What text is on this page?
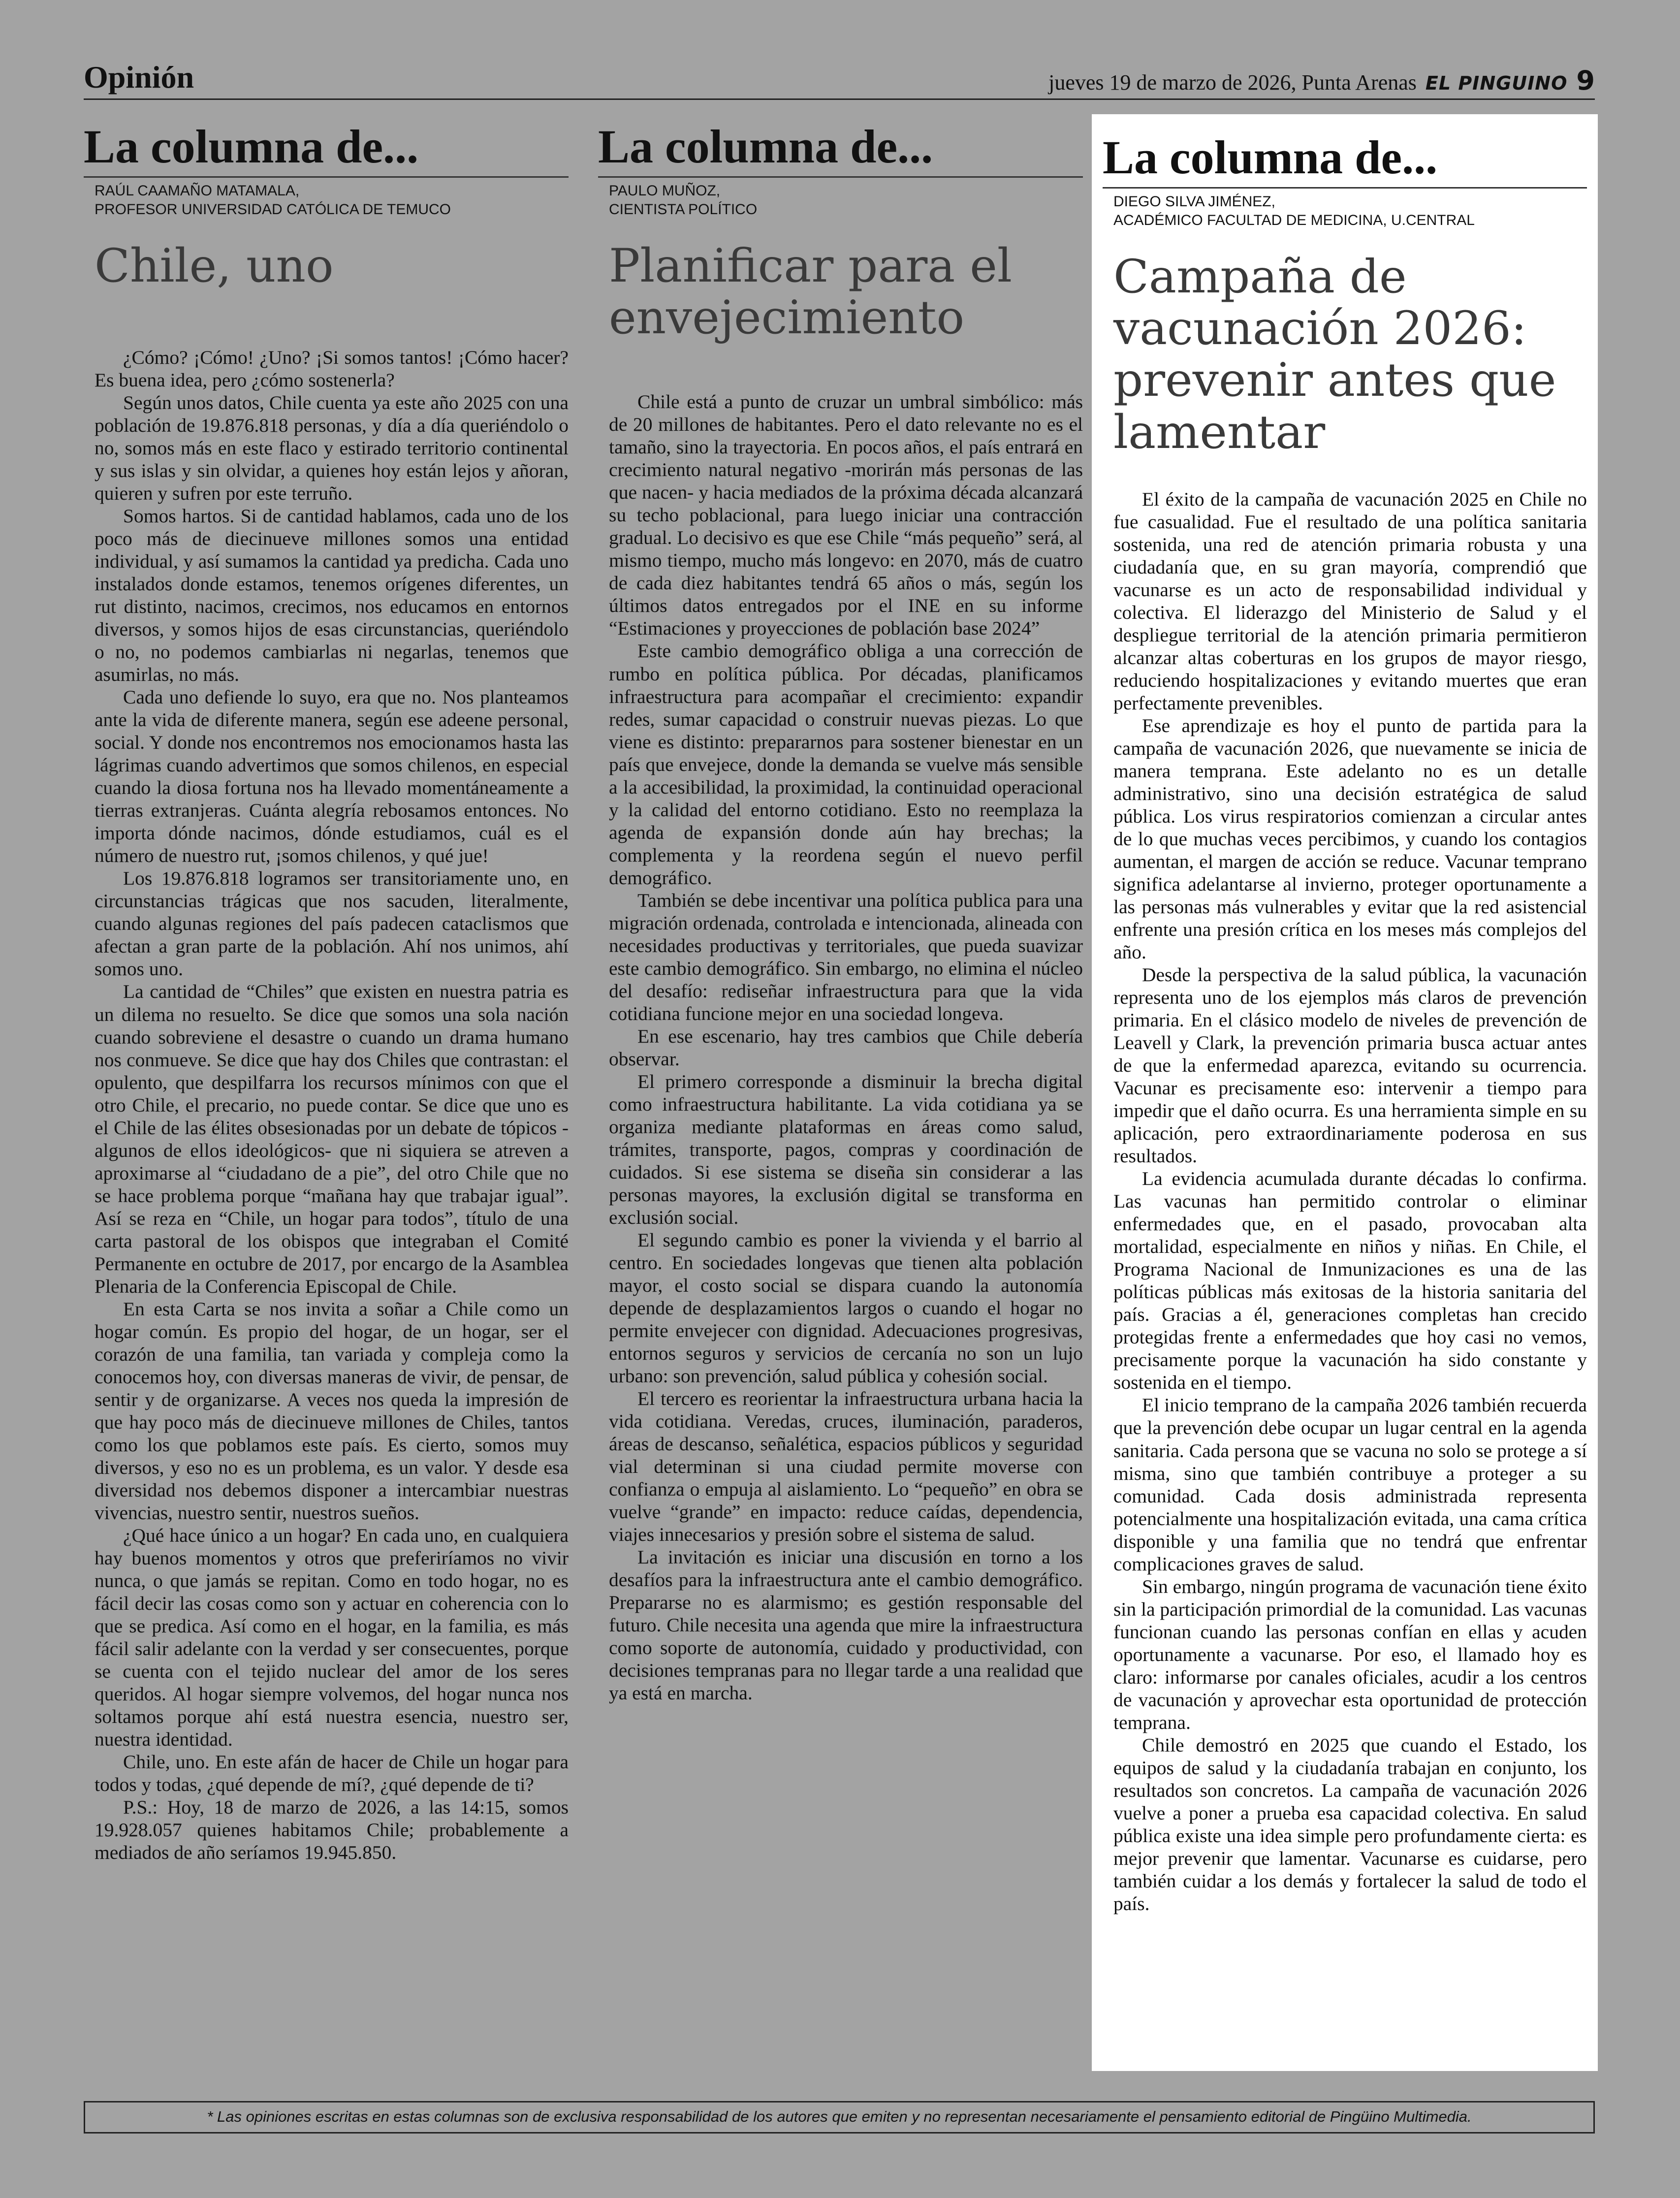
Opinión	jueves 19 de marzo de 2026, Punta Arenas EL PINGUINO 9
La columna de...
RAÚL CAAMAÑO MATAMALA,
PROFESOR UNIVERSIDAD CATÓLICA DE TEMUCO
Chile, uno

¿Cómo? ¡Cómo! ¿Uno? ¡Si somos tantos! ¡Cómo hacer? Es buena idea, pero ¿cómo sostenerla?

Según unos datos, Chile cuenta ya este año 2025 con una población de 19.876.818 personas, y día a día queriéndolo o no, somos más en este flaco y estirado territorio continental y sus islas y sin olvidar, a quienes hoy están lejos y añoran, quieren y sufren por este terruño.

Somos hartos. Si de cantidad hablamos, cada uno de los poco más de diecinueve millones somos una entidad individual, y así sumamos la cantidad ya predicha. Cada uno instalados donde estamos, tenemos orígenes diferentes, un rut distinto, nacimos, crecimos, nos educamos en entornos diversos, y somos hijos de esas circunstancias, queriéndolo o no, no podemos cambiarlas ni negarlas, tenemos que asumirlas, no más.

Cada uno defiende lo suyo, era que no. Nos planteamos ante la vida de diferente manera, según ese adeene personal, social. Y donde nos encontremos nos emocionamos hasta las lágrimas cuando advertimos que somos chilenos, en especial cuando la diosa fortuna nos ha llevado momentáneamente a tierras extranjeras. Cuánta alegría rebosamos entonces. No importa dónde nacimos, dónde estudiamos, cuál es el número de nuestro rut, ¡somos chilenos, y qué jue!

Los 19.876.818 logramos ser transitoriamente uno, en circunstancias trágicas que nos sacuden, literalmente, cuando algunas regiones del país padecen cataclismos que afectan a gran parte de la población. Ahí nos unimos, ahí somos uno.

La cantidad de “Chiles” que existen en nuestra patria es un dilema no resuelto. Se dice que somos una sola nación cuando sobreviene el desastre o cuando un drama humano nos conmueve. Se dice que hay dos Chiles que contrastan: el opulento, que despilfarra los recursos mínimos con que el otro Chile, el precario, no puede contar. Se dice que uno es el Chile de las élites obsesionadas por un debate de tópicos -algunos de ellos ideológicos- que ni siquiera se atreven a aproximarse al “ciudadano de a pie”, del otro Chile que no se hace problema porque “mañana hay que trabajar igual”. Así se reza en “Chile, un hogar para todos”, título de una carta pastoral de los obispos que integraban el Comité Permanente en octubre de 2017, por encargo de la Asamblea Plenaria de la Conferencia Episcopal de Chile.

En esta Carta se nos invita a soñar a Chile como un hogar común. Es propio del hogar, de un hogar, ser el corazón de una familia, tan variada y compleja como la conocemos hoy, con diversas maneras de vivir, de pensar, de sentir y de organizarse. A veces nos queda la impresión de que hay poco más de diecinueve millones de Chiles, tantos como los que poblamos este país. Es cierto, somos muy diversos, y eso no es un problema, es un valor. Y desde esa diversidad nos debemos disponer a intercambiar nuestras vivencias, nuestro sentir, nuestros sueños.

¿Qué hace único a un hogar? En cada uno, en cualquiera hay buenos momentos y otros que preferiríamos no vivir nunca, o que jamás se repitan. Como en todo hogar, no es fácil decir las cosas como son y actuar en coherencia con lo que se predica. Así como en el hogar, en la familia, es más fácil salir adelante con la verdad y ser consecuentes, porque se cuenta con el tejido nuclear del amor de los seres queridos. Al hogar siempre volvemos, del hogar nunca nos soltamos porque ahí está nuestra esencia, nuestro ser, nuestra identidad.

Chile, uno. En este afán de hacer de Chile un hogar para todos y todas, ¿qué depende de mí?, ¿qué depende de ti?

P.S.: Hoy, 18 de marzo de 2026, a las 14:15, somos 19.928.057 quienes habitamos Chile; probablemente a mediados de año seríamos 19.945.850.

La columna de...
PAULO MUÑOZ,
CIENTISTA POLÍTICO
Planificar para el envejecimiento

Chile está a punto de cruzar un umbral simbólico: más de 20 millones de habitantes. Pero el dato relevante no es el tamaño, sino la trayectoria. En pocos años, el país entrará en crecimiento natural negativo -morirán más personas de las que nacen- y hacia mediados de la próxima década alcanzará su techo poblacional, para luego iniciar una contracción gradual. Lo decisivo es que ese Chile “más pequeño” será, al mismo tiempo, mucho más longevo: en 2070, más de cuatro de cada diez habitantes tendrá 65 años o más, según los últimos datos entregados por el INE en su informe “Estimaciones y proyecciones de población base 2024”

Este cambio demográfico obliga a una corrección de rumbo en política pública. Por décadas, planificamos infraestructura para acompañar el crecimiento: expandir redes, sumar capacidad o construir nuevas piezas. Lo que viene es distinto: prepararnos para sostener bienestar en un país que envejece, donde la demanda se vuelve más sensible a la accesibilidad, la proximidad, la continuidad operacional y la calidad del entorno cotidiano. Esto no reemplaza la agenda de expansión donde aún hay brechas; la complementa y la reordena según el nuevo perfil demográfico.

También se debe incentivar una política publica para una migración ordenada, controlada e intencionada, alineada con necesidades productivas y territoriales, que pueda suavizar este cambio demográfico. Sin embargo, no elimina el núcleo del desafío: rediseñar infraestructura para que la vida cotidiana funcione mejor en una sociedad longeva.

En ese escenario, hay tres cambios que Chile debería observar.

El primero corresponde a disminuir la brecha digital como infraestructura habilitante. La vida cotidiana ya se organiza mediante plataformas en áreas como salud, trámites, transporte, pagos, compras y coordinación de cuidados. Si ese sistema se diseña sin considerar a las personas mayores, la exclusión digital se transforma en exclusión social.

El segundo cambio es poner la vivienda y el barrio al centro. En sociedades longevas que tienen alta población mayor, el costo social se dispara cuando la autonomía depende de desplazamientos largos o cuando el hogar no permite envejecer con dignidad. Adecuaciones progresivas, entornos seguros y servicios de cercanía no son un lujo urbano: son prevención, salud pública y cohesión social.

El tercero es reorientar la infraestructura urbana hacia la vida cotidiana. Veredas, cruces, iluminación, paraderos, áreas de descanso, señalética, espacios públicos y seguridad vial determinan si una ciudad permite moverse con confianza o empuja al aislamiento. Lo “pequeño” en obra se vuelve “grande” en impacto: reduce caídas, dependencia, viajes innecesarios y presión sobre el sistema de salud.

La invitación es iniciar una discusión en torno a los desafíos para la infraestructura ante el cambio demográfico. Prepararse no es alarmismo; es gestión responsable del futuro. Chile necesita una agenda que mire la infraestructura como soporte de autonomía, cuidado y productividad, con decisiones tempranas para no llegar tarde a una realidad que ya está en marcha.

La columna de...
DIEGO SILVA JIMÉNEZ,
ACADÉMICO FACULTAD DE MEDICINA, U.CENTRAL
Campaña de vacunación 2026: prevenir antes que lamentar

El éxito de la campaña de vacunación 2025 en Chile no fue casualidad. Fue el resultado de una política sanitaria sostenida, una red de atención primaria robusta y una ciudadanía que, en su gran mayoría, comprendió que vacunarse es un acto de responsabilidad individual y colectiva. El liderazgo del Ministerio de Salud y el despliegue territorial de la atención primaria permitieron alcanzar altas coberturas en los grupos de mayor riesgo, reduciendo hospitalizaciones y evitando muertes que eran perfectamente prevenibles.

Ese aprendizaje es hoy el punto de partida para la campaña de vacunación 2026, que nuevamente se inicia de manera temprana. Este adelanto no es un detalle administrativo, sino una decisión estratégica de salud pública. Los virus respiratorios comienzan a circular antes de lo que muchas veces percibimos, y cuando los contagios aumentan, el margen de acción se reduce. Vacunar temprano significa adelantarse al invierno, proteger oportunamente a las personas más vulnerables y evitar que la red asistencial enfrente una presión crítica en los meses más complejos del año.

Desde la perspectiva de la salud pública, la vacunación representa uno de los ejemplos más claros de prevención primaria. En el clásico modelo de niveles de prevención de Leavell y Clark, la prevención primaria busca actuar antes de que la enfermedad aparezca, evitando su ocurrencia. Vacunar es precisamente eso: intervenir a tiempo para impedir que el daño ocurra. Es una herramienta simple en su aplicación, pero extraordinariamente poderosa en sus resultados.

La evidencia acumulada durante décadas lo confirma. Las vacunas han permitido controlar o eliminar enfermedades que, en el pasado, provocaban alta mortalidad, especialmente en niños y niñas. En Chile, el Programa Nacional de Inmunizaciones es una de las políticas públicas más exitosas de la historia sanitaria del país. Gracias a él, generaciones completas han crecido protegidas frente a enfermedades que hoy casi no vemos, precisamente porque la vacunación ha sido constante y sostenida en el tiempo.

El inicio temprano de la campaña 2026 también recuerda que la prevención debe ocupar un lugar central en la agenda sanitaria. Cada persona que se vacuna no solo se protege a sí misma, sino que también contribuye a proteger a su comunidad. Cada dosis administrada representa potencialmente una hospitalización evitada, una cama crítica disponible y una familia que no tendrá que enfrentar complicaciones graves de salud.

Sin embargo, ningún programa de vacunación tiene éxito sin la participación primordial de la comunidad. Las vacunas funcionan cuando las personas confían en ellas y acuden oportunamente a vacunarse. Por eso, el llamado hoy es claro: informarse por canales oficiales, acudir a los centros de vacunación y aprovechar esta oportunidad de protección temprana.

Chile demostró en 2025 que cuando el Estado, los equipos de salud y la ciudadanía trabajan en conjunto, los resultados son concretos. La campaña de vacunación 2026 vuelve a poner a prueba esa capacidad colectiva. En salud pública existe una idea simple pero profundamente cierta: es mejor prevenir que lamentar. Vacunarse es cuidarse, pero también cuidar a los demás y fortalecer la salud de todo el país.

* Las opiniones escritas en estas columnas son de exclusiva responsabilidad de los autores que emiten y no representan necesariamente el pensamiento editorial de Pingüino Multimedia.
